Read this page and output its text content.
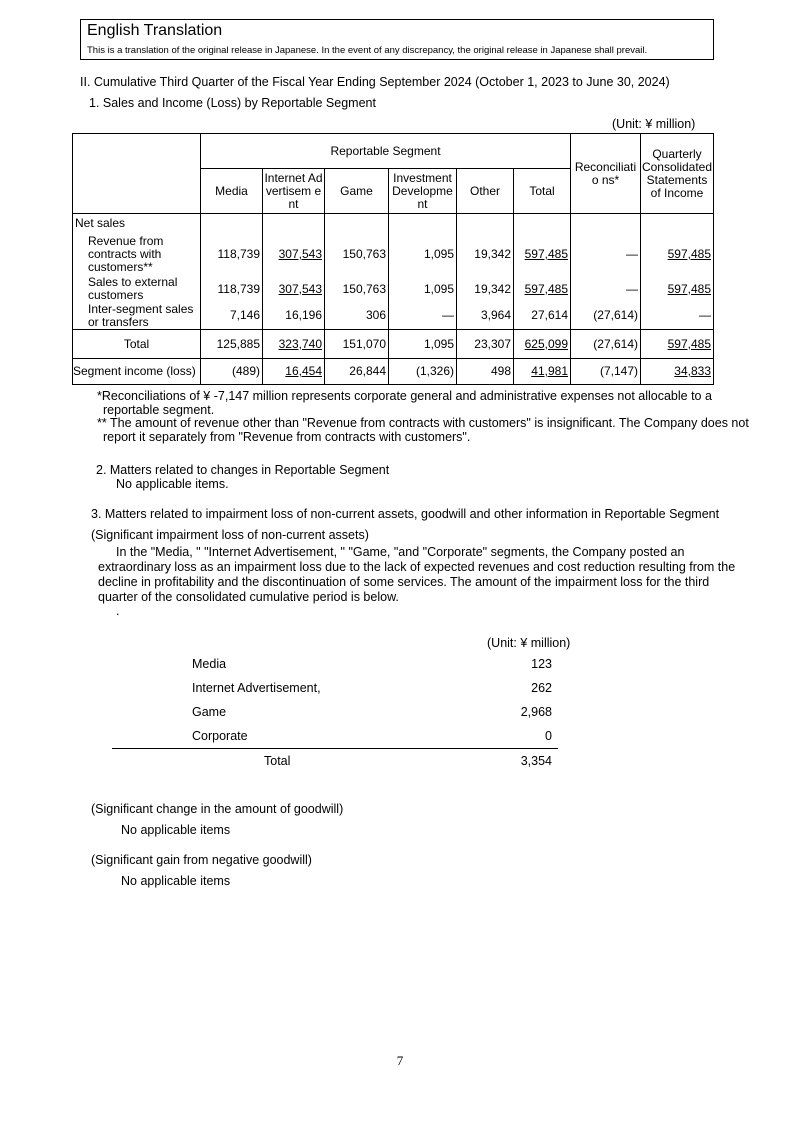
English Translation
This is a translation of the original release in Japanese. In the event of any discrepancy, the original release in Japanese shall prevail.
II. Cumulative Third Quarter of the Fiscal Year Ending September 2024 (October 1, 2023 to June 30, 2024)
1. Sales and Income (Loss) by Reportable Segment
(Unit: ¥ million)
	Reportable Segment						Reconciliatio ns*	Quarterly Consolidated Statements of Income
	Media	Internet Advertisem ent	Game	Investment Developme nt	Other	Total		
Net sales								
Revenue from contracts with customers**	118,739	307,543	150,763	1,095	19,342	597,485	—	597,485
Sales to external customers	118,739	307,543	150,763	1,095	19,342	597,485	—	597,485
Inter-segment sales or transfers	7,146	16,196	306	—	3,964	27,614	(27,614)	—
Total	125,885	323,740	151,070	1,095	23,307	625,099	(27,614)	597,485
Segment income (loss)	(489)	16,454	26,844	(1,326)	498	41,981	(7,147)	34,833
*Reconciliations of ¥ -7,147 million represents corporate general and administrative expenses not allocable to a
reportable segment.
** The amount of revenue other than "Revenue from contracts with customers" is insignificant. The Company does not
report it separately from "Revenue from contracts with customers".
2. Matters related to changes in Reportable Segment
No applicable items.
3. Matters related to impairment loss of non-current assets, goodwill and other information in Reportable Segment
(Significant impairment loss of non-current assets)
In the "Media, " "Internet Advertisement, " "Game, "and "Corporate" segments, the Company posted an
extraordinary loss as an impairment loss due to the lack of expected revenues and cost reduction resulting from the
decline in profitability and the discontinuation of some services. The amount of the impairment loss for the third
quarter of the consolidated cumulative period is below.
.
(Unit: ¥ million)
	Media	123
	Internet Advertisement,	262
	Game	2,968
	Corporate	0
	Total	3,354
(Significant change in the amount of goodwill)
No applicable items
(Significant gain from negative goodwill)
No applicable items
7
